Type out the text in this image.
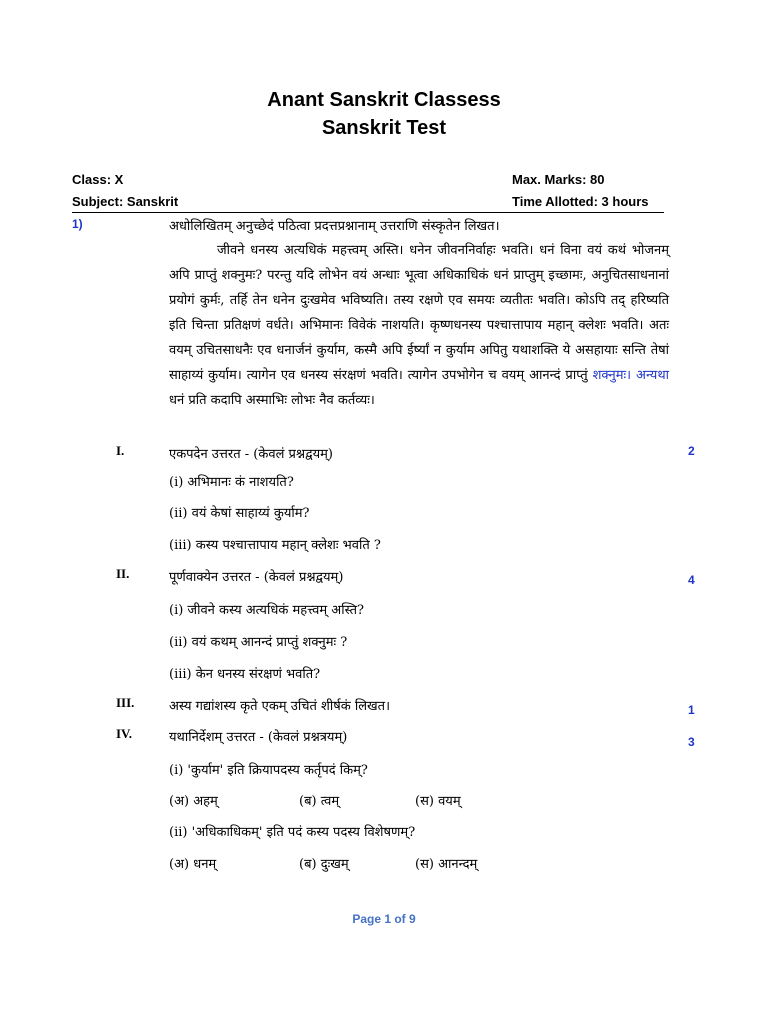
Anant Sanskrit Classess
Sanskrit Test
Class: X
Subject: Sanskrit
Max. Marks: 80
Time Allotted: 3 hours
1)	अधोलिखितम् अनुच्छेदं पठित्वा प्रदत्तप्रश्नानाम् उत्तराणि संस्कृतेन लिखत।
जीवने धनस्य अत्यधिकं महत्त्वम् अस्ति। धनेन जीवननिर्वाहः भवति। धनं विना वयं कथं भोजनम् अपि प्राप्तुं शक्नुमः? परन्तु यदि लोभेन वयं अन्धाः भूत्वा अधिकाधिकं धनं प्राप्तुम् इच्छामः, अनुचितसाधनानां प्रयोगं कुर्मः, तर्हि तेन धनेन दुःखमेव भविष्यति। तस्य रक्षणे एव समयः व्यतीतः भवति। कोऽपि तद् हरिष्यति इति चिन्ता प्रतिक्षणं वर्धते। अभिमानः विवेकं नाशयति। कृष्णधनस्य पश्चात्तापाय महान् क्लेशः भवति। अतः वयम् उचितसाधनैः एव धनार्जनं कुर्याम, कस्मै अपि ईर्ष्यां न कुर्याम अपितु यथाशक्ति ये असहायाः सन्ति तेषां साहाय्यं कुर्याम। त्यागेन एव धनस्य संरक्षणं भवति। त्यागेन उपभोगेन च वयम् आनन्दं प्राप्तुं शक्नुमः। अन्यथा धनं प्रति कदापि अस्माभिः लोभः नैव कर्तव्यः।
I.	एकपदेन उत्तरत - (केवलं प्रश्नद्वयम्)	2
(i) अभिमानः कं नाशयति?
(ii) वयं केषां साहाय्यं कुर्याम?
(iii) कस्य पश्चात्तापाय महान् क्लेशः भवति ?
II.	पूर्णवाक्येन उत्तरत - (केवलं प्रश्नद्वयम्)	4
(i) जीवने कस्य अत्यधिकं महत्त्वम् अस्ति?
(ii) वयं कथम् आनन्दं प्राप्तुं शक्नुमः ?
(iii) केन धनस्य संरक्षणं भवति?
III.	अस्य गद्यांशस्य कृते एकम् उचितं शीर्षकं लिखत।	1
IV.	यथानिर्देशम् उत्तरत - (केवलं प्रश्नत्रयम्)	3
(i) 'कुर्याम' इति क्रियापदस्य कर्तृपदं किम्?
(अ) अहम्	(ब) त्वम्	(स) वयम्
(ii) 'अधिकाधिकम्' इति पदं कस्य पदस्य विशेषणम्?
(अ) धनम्	(ब) दुःखम्	(स) आनन्दम्
Page 1 of 9
